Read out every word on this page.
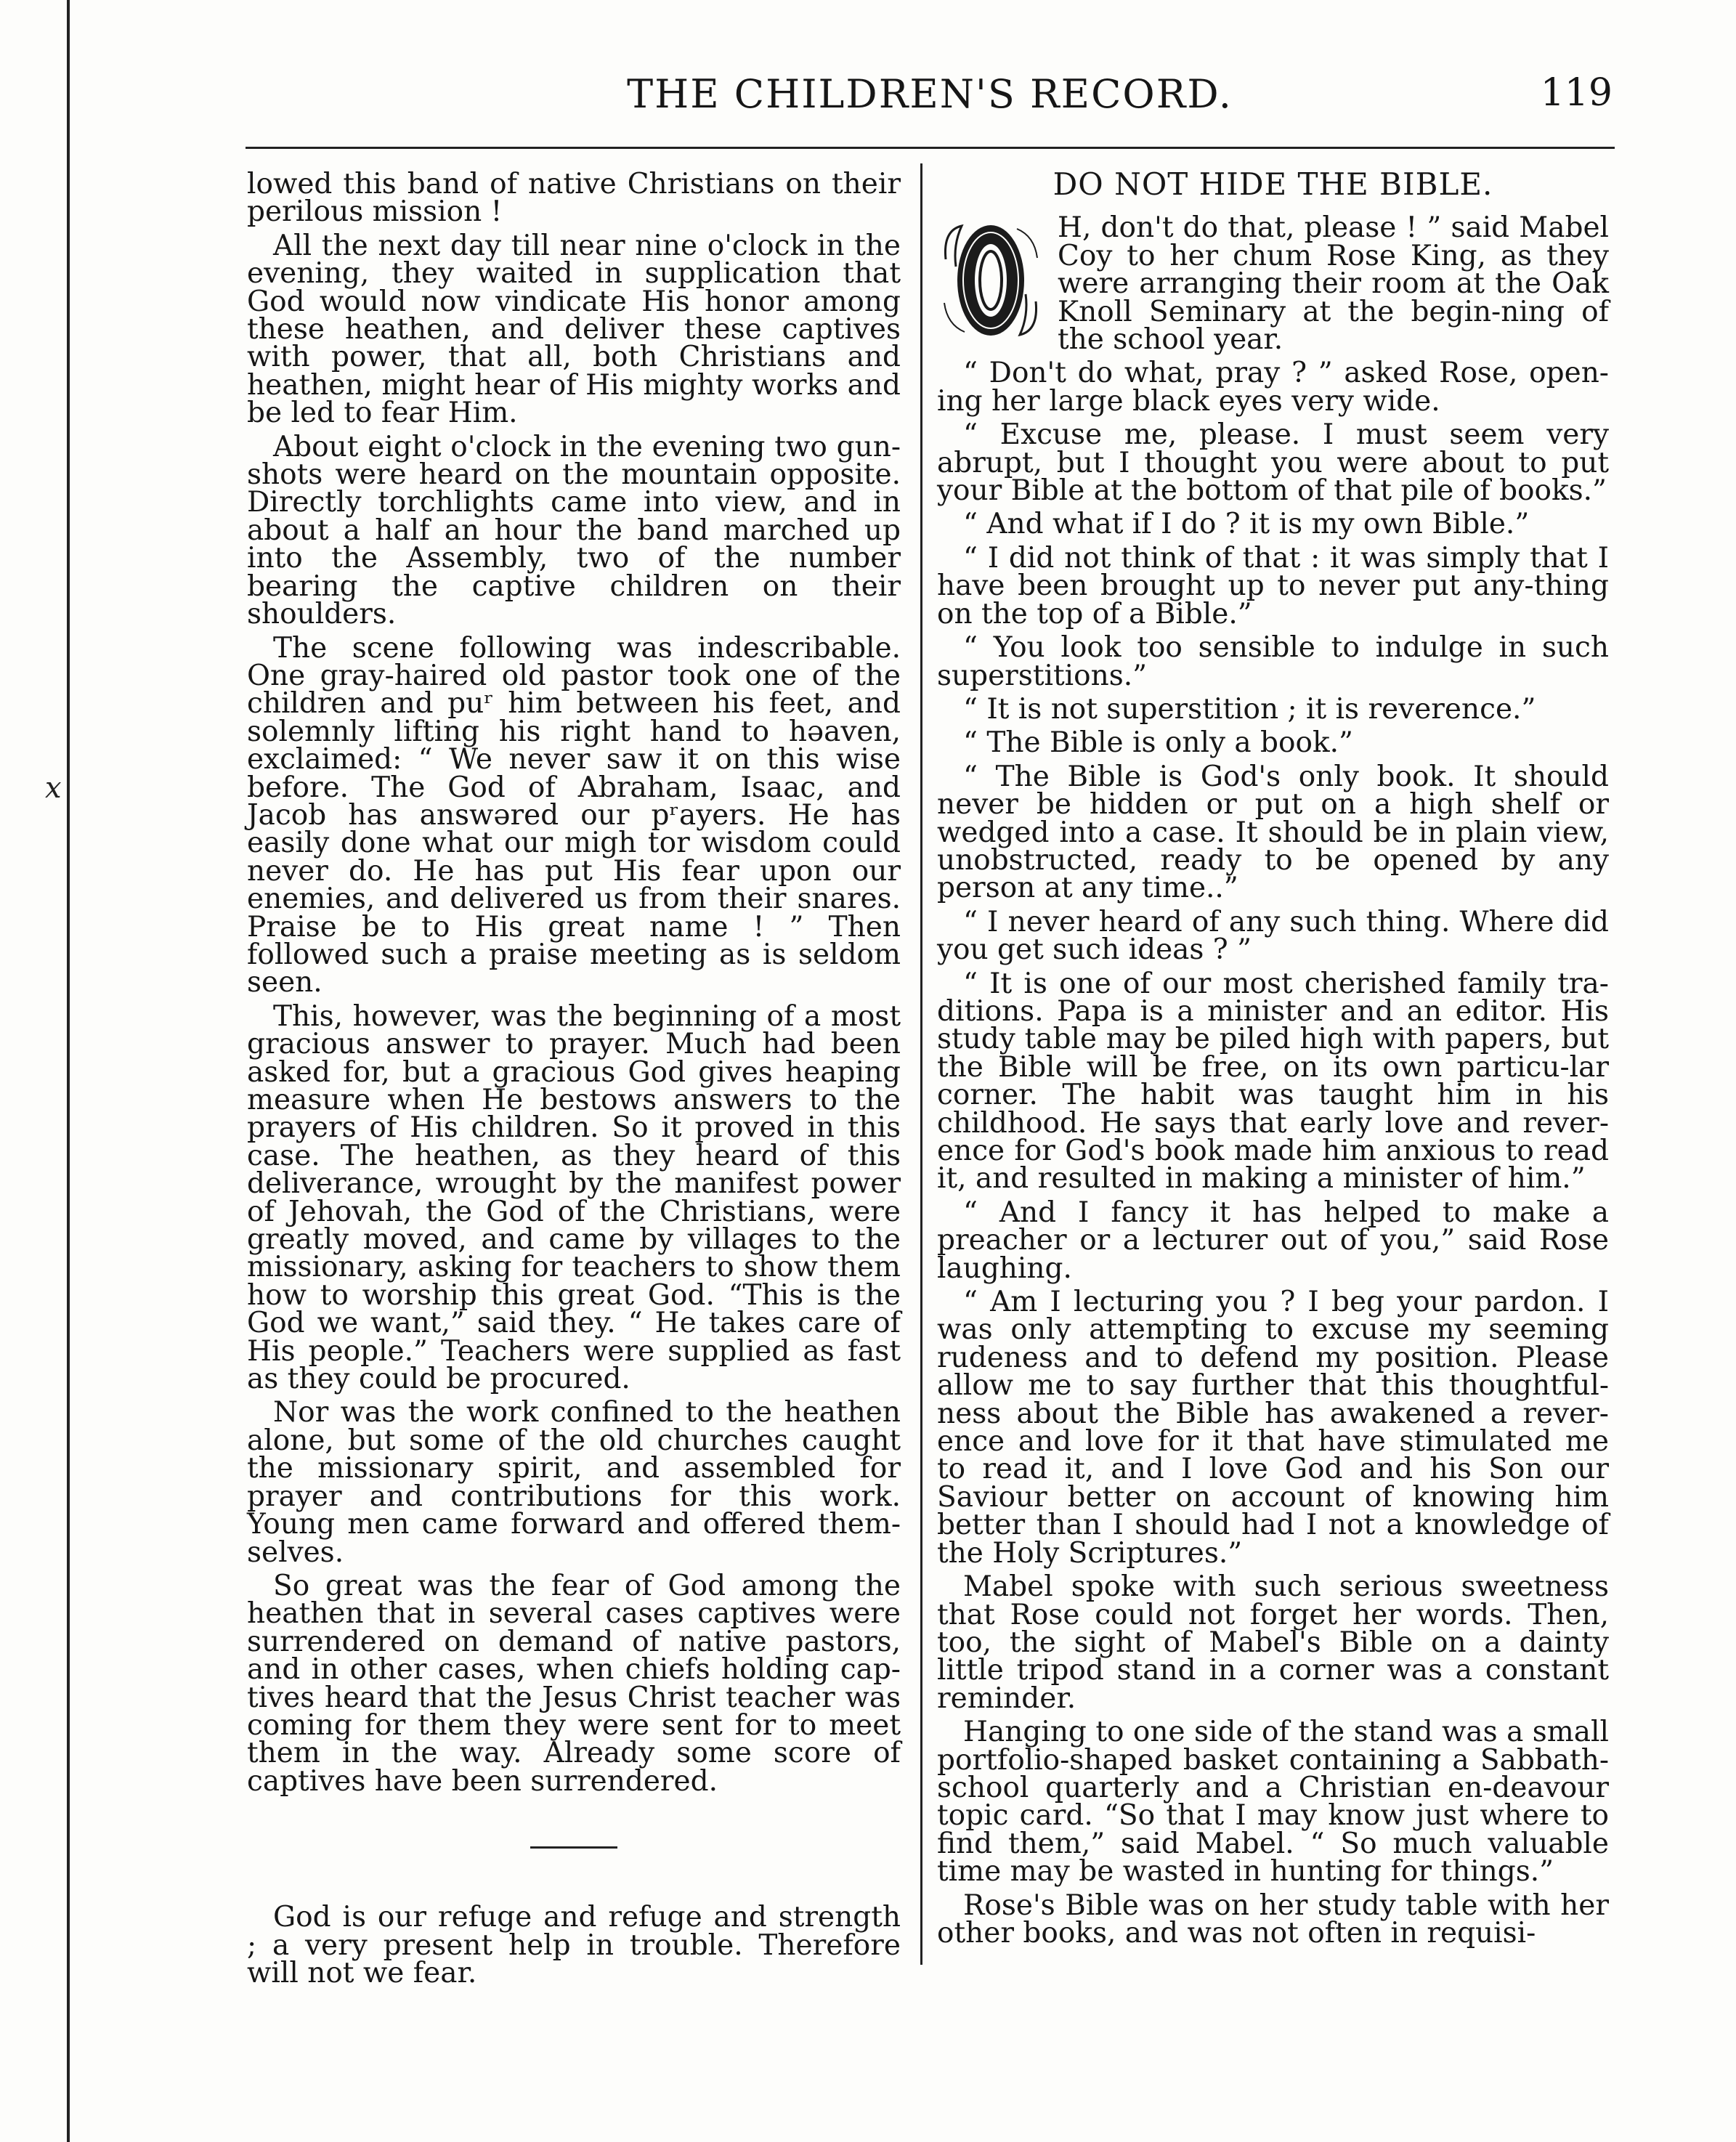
x
THE CHILDREN'S RECORD.	119

lowed this band of native Christians on their perilous mission !

All the next day till near nine o'clock in the evening, they waited in supplication that God would now vindicate His honor among these heathen, and deliver these captives with power, that all, both Christians and heathen, might hear of His mighty works and be led to fear Him.

About eight o'clock in the evening two gun-shots were heard on the mountain opposite. Directly torchlights came into view, and in about a half an hour the band marched up into the Assembly, two of the number bearing the captive children on their shoulders.

The scene following was indescribable. One gray-haired old pastor took one of the children and puʳ him between his feet, and solemnly lifting his right hand to həaven, exclaimed: “ We never saw it on this wise before. The God of Abraham, Isaac, and Jacob has answəred our pʳayers. He has easily done what our migh tor wisdom could never do. He has put His fear upon our enemies, and delivered us from their snares. Praise be to His great name ! ” Then followed such a praise meeting as is seldom seen.

This, however, was the beginning of a most gracious answer to prayer. Much had been asked for, but a gracious God gives heaping measure when He bestows answers to the prayers of His children. So it proved in this case. The heathen, as they heard of this deliverance, wrought by the manifest power of Jehovah, the God of the Christians, were greatly moved, and came by villages to the missionary, asking for teachers to show them how to worship this great God. “This is the God we want,” said they. “ He takes care of His people.” Teachers were supplied as fast as they could be procured.

Nor was the work confined to the heathen alone, but some of the old churches caught the missionary spirit, and assembled for prayer and contributions for this work. Young men came forward and offered them-selves.

So great was the fear of God among the heathen that in several cases captives were surrendered on demand of native pastors, and in other cases, when chiefs holding cap-tives heard that the Jesus Christ teacher was coming for them they were sent for to meet them in the way. Already some score of captives have been surrendered.

God is our refuge and refuge and strength ; a very present help in trouble. Therefore will not we fear.

DO NOT HIDE THE BIBLE.

H, don't do that, please ! ” said Mabel Coy to her chum Rose King, as they were arranging their room at the Oak Knoll Seminary at the begin-ning of the school year.

“ Don't do what, pray ? ” asked Rose, open-ing her large black eyes very wide.

“ Excuse me, please. I must seem very abrupt, but I thought you were about to put your Bible at the bottom of that pile of books.”

“ And what if I do ? it is my own Bible.”

“ I did not think of that : it was simply that I have been brought up to never put any-thing on the top of a Bible.”

“ You look too sensible to indulge in such superstitions.”

“ It is not superstition ; it is reverence.”

“ The Bible is only a book.”

“ The Bible is God's only book. It should never be hidden or put on a high shelf or wedged into a case. It should be in plain view, unobstructed, ready to be opened by any person at any time..”

“ I never heard of any such thing. Where did you get such ideas ? ”

“ It is one of our most cherished family tra-ditions. Papa is a minister and an editor. His study table may be piled high with papers, but the Bible will be free, on its own particu-lar corner. The habit was taught him in his childhood. He says that early love and rever-ence for God's book made him anxious to read it, and resulted in making a minister of him.”

“ And I fancy it has helped to make a preacher or a lecturer out of you,” said Rose laughing.

“ Am I lecturing you ? I beg your pardon. I was only attempting to excuse my seeming rudeness and to defend my position. Please allow me to say further that this thoughtful-ness about the Bible has awakened a rever-ence and love for it that have stimulated me to read it, and I love God and his Son our Saviour better on account of knowing him better than I should had I not a knowledge of the Holy Scriptures.”

Mabel spoke with such serious sweetness that Rose could not forget her words. Then, too, the sight of Mabel's Bible on a dainty little tripod stand in a corner was a constant reminder.

Hanging to one side of the stand was a small portfolio-shaped basket containing a Sabbath-school quarterly and a Christian en-deavour topic card. “So that I may know just where to find them,” said Mabel. “ So much valuable time may be wasted in hunting for things.”

Rose's Bible was on her study table with her other books, and was not often in requisi-
